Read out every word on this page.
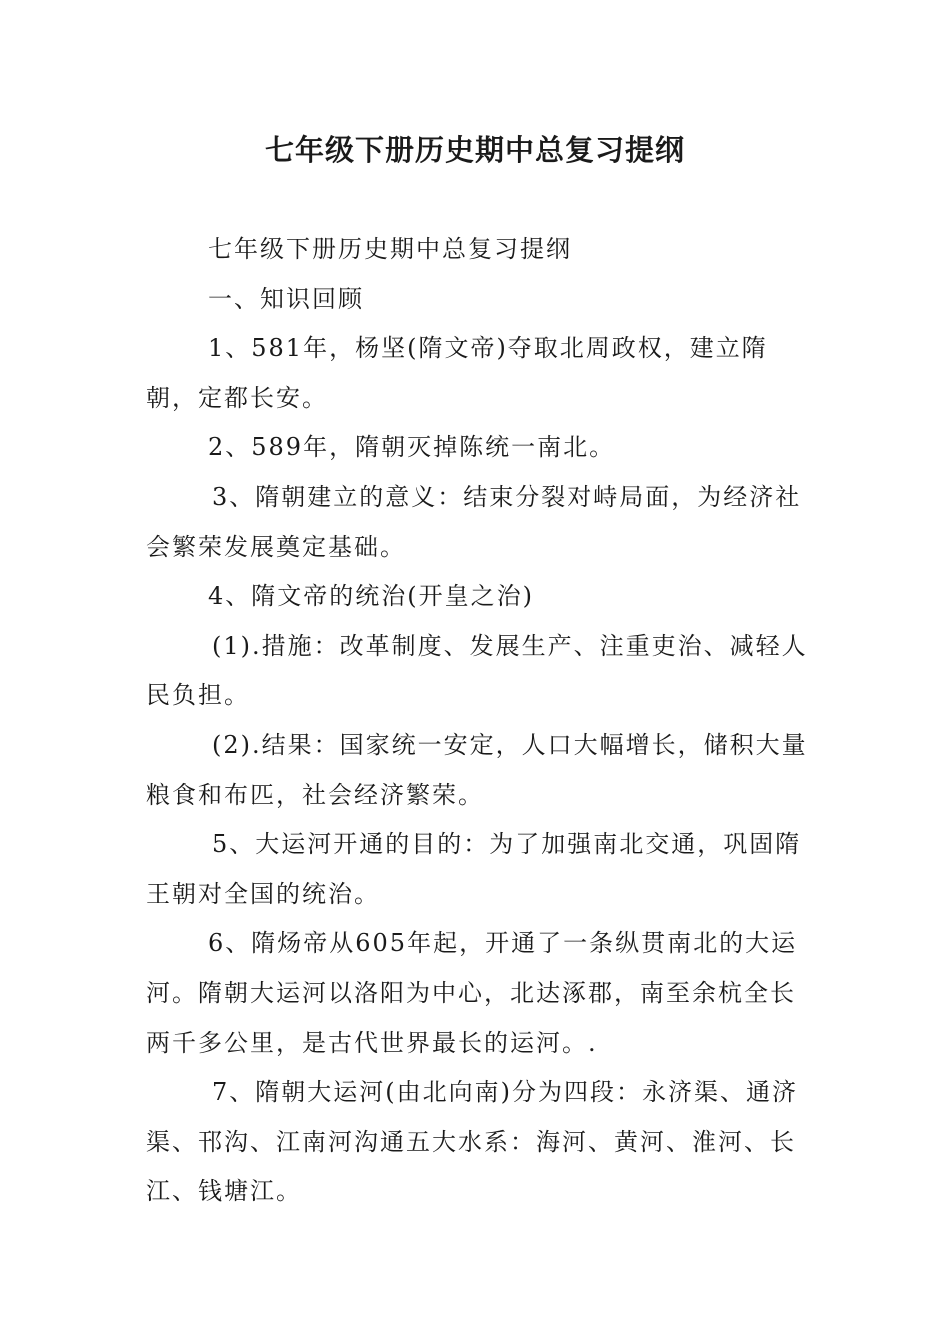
七年级下册历史期中总复习提纲

七年级下册历史期中总复习提纲

一、知识回顾

1、581年，杨坚(隋文帝)夺取北周政权，建立隋朝，定都长安。

2、589年，隋朝灭掉陈统一南北。

3、隋朝建立的意义：结束分裂对峙局面，为经济社会繁荣发展奠定基础。

4、隋文帝的统治(开皇之治)

(1).措施：改革制度、发展生产、注重吏治、减轻人民负担。

(2).结果：国家统一安定，人口大幅增长，储积大量粮食和布匹，社会经济繁荣。

5、大运河开通的目的：为了加强南北交通，巩固隋王朝对全国的统治。

6、隋炀帝从605年起，开通了一条纵贯南北的大运河。隋朝大运河以洛阳为中心，北达涿郡，南至余杭全长两千多公里，是古代世界最长的运河。.

7、隋朝大运河(由北向南)分为四段：永济渠、通济渠、邗沟、江南河沟通五大水系：海河、黄河、淮河、长江、钱塘江。
